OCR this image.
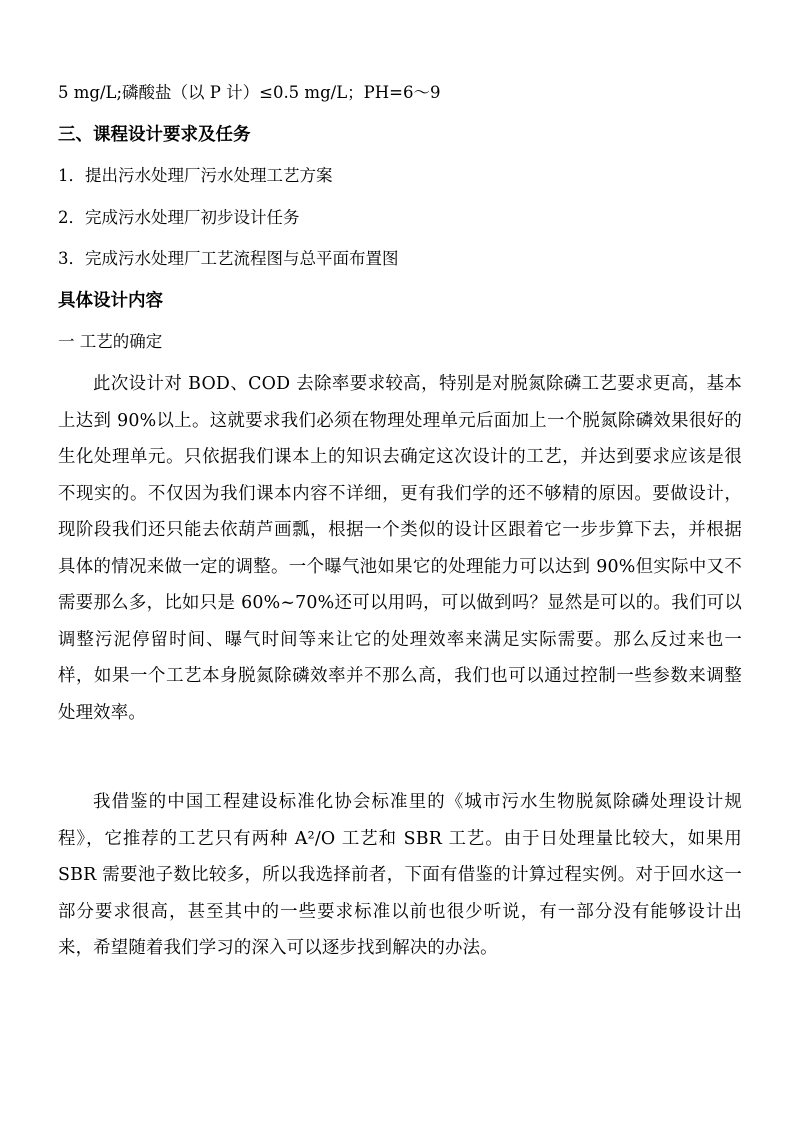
5 mg/L;磷酸盐（以 P 计）≤0.5 mg/L；PH=6～9
三、课程设计要求及任务
1．提出污水处理厂污水处理工艺方案
2．完成污水处理厂初步设计任务
3．完成污水处理厂工艺流程图与总平面布置图
具体设计内容
一 工艺的确定
此次设计对 BOD、COD 去除率要求较高，特别是对脱氮除磷工艺要求更高，基本上达到 90%以上。这就要求我们必须在物理处理单元后面加上一个脱氮除磷效果很好的生化处理单元。只依据我们课本上的知识去确定这次设计的工艺，并达到要求应该是很不现实的。不仅因为我们课本内容不详细，更有我们学的还不够精的原因。要做设计，现阶段我们还只能去依葫芦画瓢，根据一个类似的设计区跟着它一步步算下去，并根据具体的情况来做一定的调整。一个曝气池如果它的处理能力可以达到 90%但实际中又不需要那么多，比如只是 60%~70%还可以用吗，可以做到吗？显然是可以的。我们可以调整污泥停留时间、曝气时间等来让它的处理效率来满足实际需要。那么反过来也一样，如果一个工艺本身脱氮除磷效率并不那么高，我们也可以通过控制一些参数来调整处理效率。
我借鉴的中国工程建设标准化协会标准里的《城市污水生物脱氮除磷处理设计规程》，它推荐的工艺只有两种 A²/O 工艺和 SBR 工艺。由于日处理量比较大，如果用 SBR 需要池子数比较多，所以我选择前者，下面有借鉴的计算过程实例。对于回水这一部分要求很高，甚至其中的一些要求标准以前也很少听说，有一部分没有能够设计出来，希望随着我们学习的深入可以逐步找到解决的办法。
